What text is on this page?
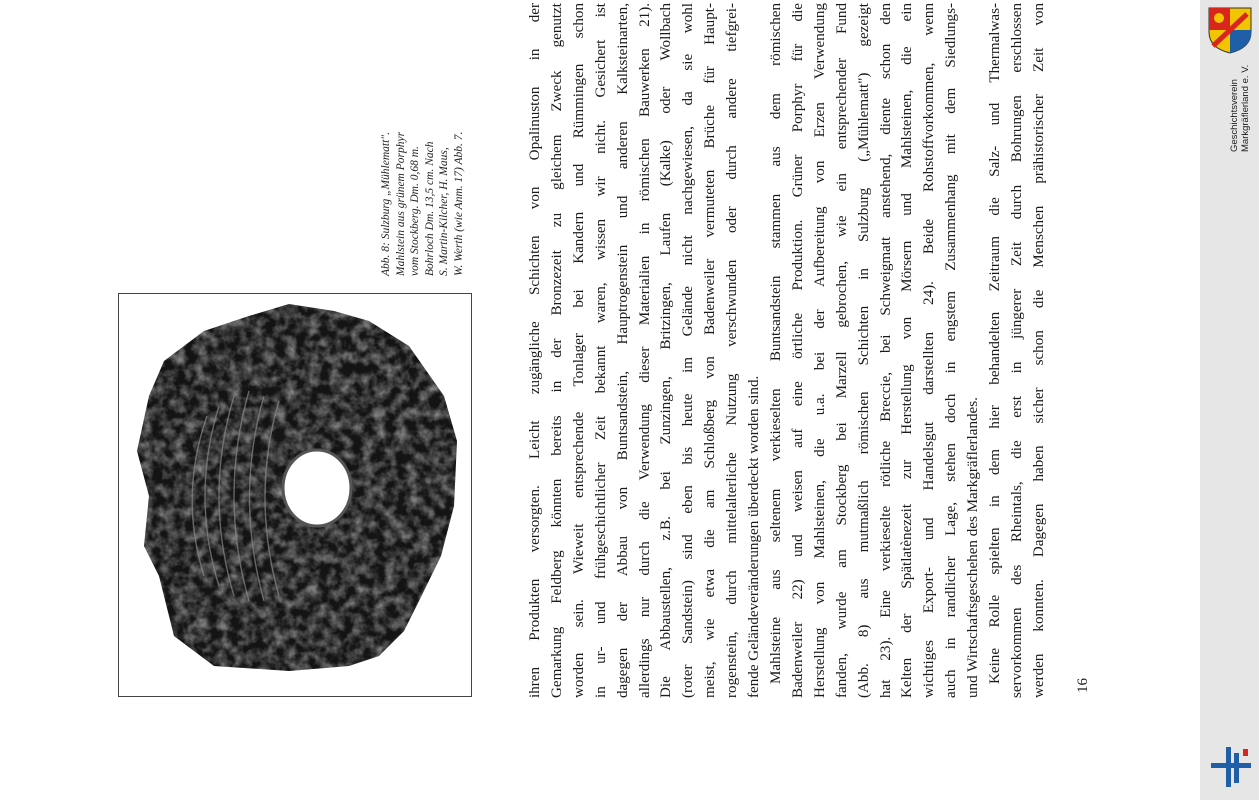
Abb. 8: Sulzburg „Mühlematt". Mahlstein aus grünem Porphyr vom Stockberg. Dm. 0,68 m. Bohrloch Dm. 13,5 cm. Nach S. Martin-Kilcher, H. Maus, W. Werth (wie Anm. 17) Abb. 7.	ihren Produkten versorgten. Leicht zugängliche Schichten von Opalinuston in der Gemarkung Feldberg könnten bereits in der Bronzezeit zu gleichem Zweck genutzt worden sein. Wieweit entsprechende Tonlager bei Kandern und Rümmingen schon in ur- und frühgeschichtlicher Zeit bekannt waren, wissen wir nicht. Gesichert ist dagegen der Abbau von Buntsandstein, Hauptrogenstein und anderen Kalksteinarten, allerdings nur durch die Verwendung dieser Materialien in römischen Bauwerken 21). Die Abbaustellen, z.B. bei Zunzingen, Britzingen, Laufen (Kalke) oder Wollbach (roter Sandstein) sind eben bis heute im Gelände nicht nachgewiesen, da sie wohl meist, wie etwa die am Schloßberg von Badenweiler vermuteten Brüche für Haupt- rogenstein, durch mittelalterliche Nutzung verschwunden oder durch andere tiefgrei- fende Geländeveränderungen überdeckt worden sind. Mahlsteine aus seltenem verkieselten Buntsandstein stammen aus dem römischen Badenweiler 22) und weisen auf eine örtliche Produktion. Grüner Porphyr für die Herstellung von Mahlsteinen, die u.a. bei der Aufbereitung von Erzen Verwendung fanden, wurde am Stockberg bei Marzell gebrochen, wie ein entsprechender Fund (Abb. 8) aus mutmaßlich römischen Schichten in Sulzburg („Mühlematt") gezeigt hat 23). Eine verkieselte rötliche Breccie, bei Schweigmatt anstehend, diente schon den Kelten der Spätlatènezeit zur Herstellung von Mörsern und Mahlsteinen, die ein wichtiges Export- und Handelsgut darstellten 24). Beide Rohstoffvorkommen, wenn auch in randlicher Lage, stehen doch in engstem Zusammenhang mit dem Siedlungs- und Wirtschaftsgeschehen des Markgräflerlandes. Keine Rolle spielten in dem hier behandelten Zeitraum die Salz- und Thermalwas- servorkommen des Rheintals, die erst in jüngerer Zeit durch Bohrungen erschlossen werden konnten. Dagegen haben sicher schon die Menschen prähistorischer Zeit von 16
Geschichtsverein Markgräflerland e. V.
